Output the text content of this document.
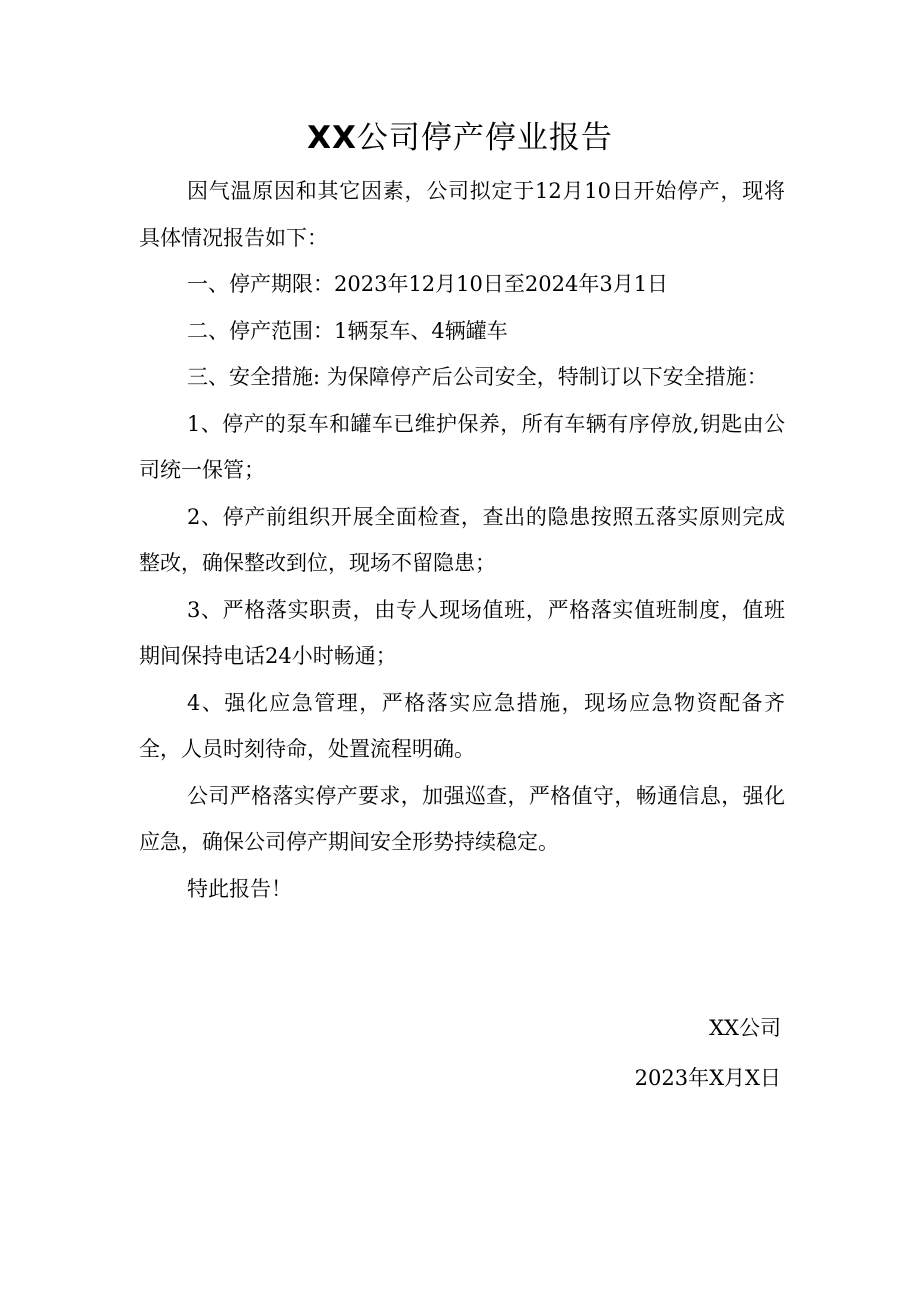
XX公司停产停业报告

因气温原因和其它因素，公司拟定于12月10日开始停产，现将具体情况报告如下：

一、停产期限：2023年12月10日至2024年3月1日

二、停产范围：1辆泵车、4辆罐车

三、安全措施: 为保障停产后公司安全，特制订以下安全措施：

1、停产的泵车和罐车已维护保养，所有车辆有序停放,钥匙由公司统一保管；

2、停产前组织开展全面检查，查出的隐患按照五落实原则完成整改，确保整改到位，现场不留隐患；

3、严格落实职责，由专人现场值班，严格落实值班制度，值班期间保持电话24小时畅通；

4、强化应急管理，严格落实应急措施，现场应急物资配备齐全，人员时刻待命，处置流程明确。

公司严格落实停产要求，加强巡查，严格值守，畅通信息，强化应急，确保公司停产期间安全形势持续稳定。

特此报告！

XX公司
2023年X月X日
